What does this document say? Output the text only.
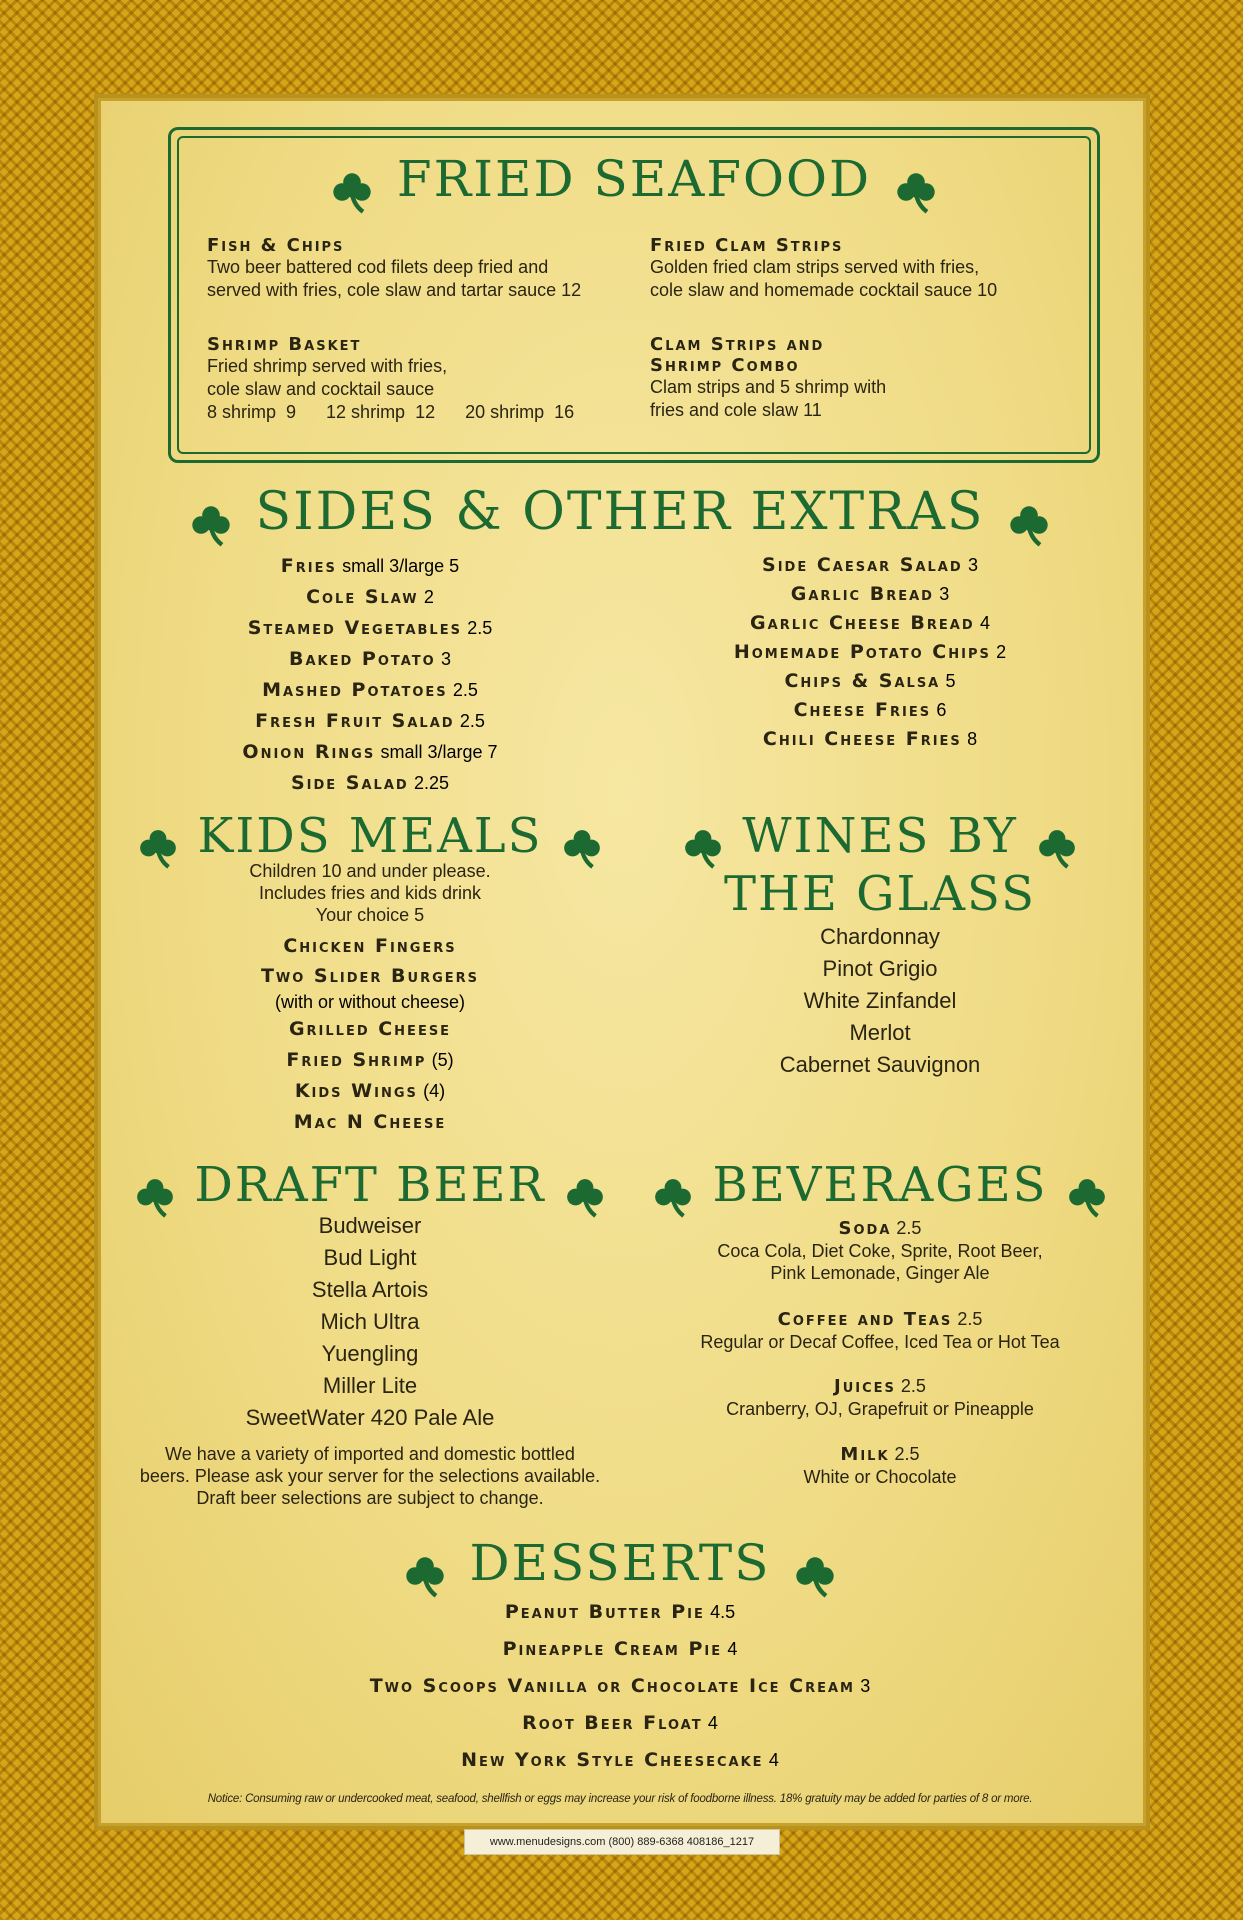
FRIED SEAFOOD
Fish & Chips
Two beer battered cod filets deep fried and
served with fries, cole slaw and tartar sauce 12
Fried Clam Strips
Golden fried clam strips served with fries,
cole slaw and homemade cocktail sauce 10
Shrimp Basket
Fried shrimp served with fries,
cole slaw and cocktail sauce
8 shrimp  9      12 shrimp  12      20 shrimp  16
Clam Strips and
Shrimp Combo
Clam strips and 5 shrimp with
fries and cole slaw 11
SIDES & OTHER EXTRAS
Fries small 3/large 5
Cole Slaw 2
Steamed Vegetables 2.5
Baked Potato 3
Mashed Potatoes 2.5
Fresh Fruit Salad 2.5
Onion Rings small 3/large 7
Side Salad 2.25
Side Caesar Salad 3
Garlic Bread 3
Garlic Cheese Bread 4
Homemade Potato Chips 2
Chips & Salsa 5
Cheese Fries 6
Chili Cheese Fries 8
KIDS MEALS
Children 10 and under please.
Includes fries and kids drink
Your choice 5
Chicken Fingers
Two Slider Burgers
(with or without cheese)
Grilled Cheese
Fried Shrimp (5)
Kids Wings (4)
Mac N Cheese
WINES BY
THE GLASS
Chardonnay
Pinot Grigio
White Zinfandel
Merlot
Cabernet Sauvignon
DRAFT BEER
Budweiser
Bud Light
Stella Artois
Mich Ultra
Yuengling
Miller Lite
SweetWater 420 Pale Ale
We have a variety of imported and domestic bottled
beers. Please ask your server for the selections available.
Draft beer selections are subject to change.
BEVERAGES
Soda 2.5
Coca Cola, Diet Coke, Sprite, Root Beer,
Pink Lemonade, Ginger Ale
Coffee and Teas 2.5
Regular or Decaf Coffee, Iced Tea or Hot Tea
Juices 2.5
Cranberry, OJ, Grapefruit or Pineapple
Milk 2.5
White or Chocolate
DESSERTS
Peanut Butter Pie 4.5
Pineapple Cream Pie 4
Two Scoops Vanilla or Chocolate Ice Cream 3
Root Beer Float 4
New York Style Cheesecake 4
Notice: Consuming raw or undercooked meat, seafood, shellfish or eggs may increase your risk of foodborne illness. 18% gratuity may be added for parties of 8 or more.
www.menudesigns.com (800) 889-6368 408186_1217
